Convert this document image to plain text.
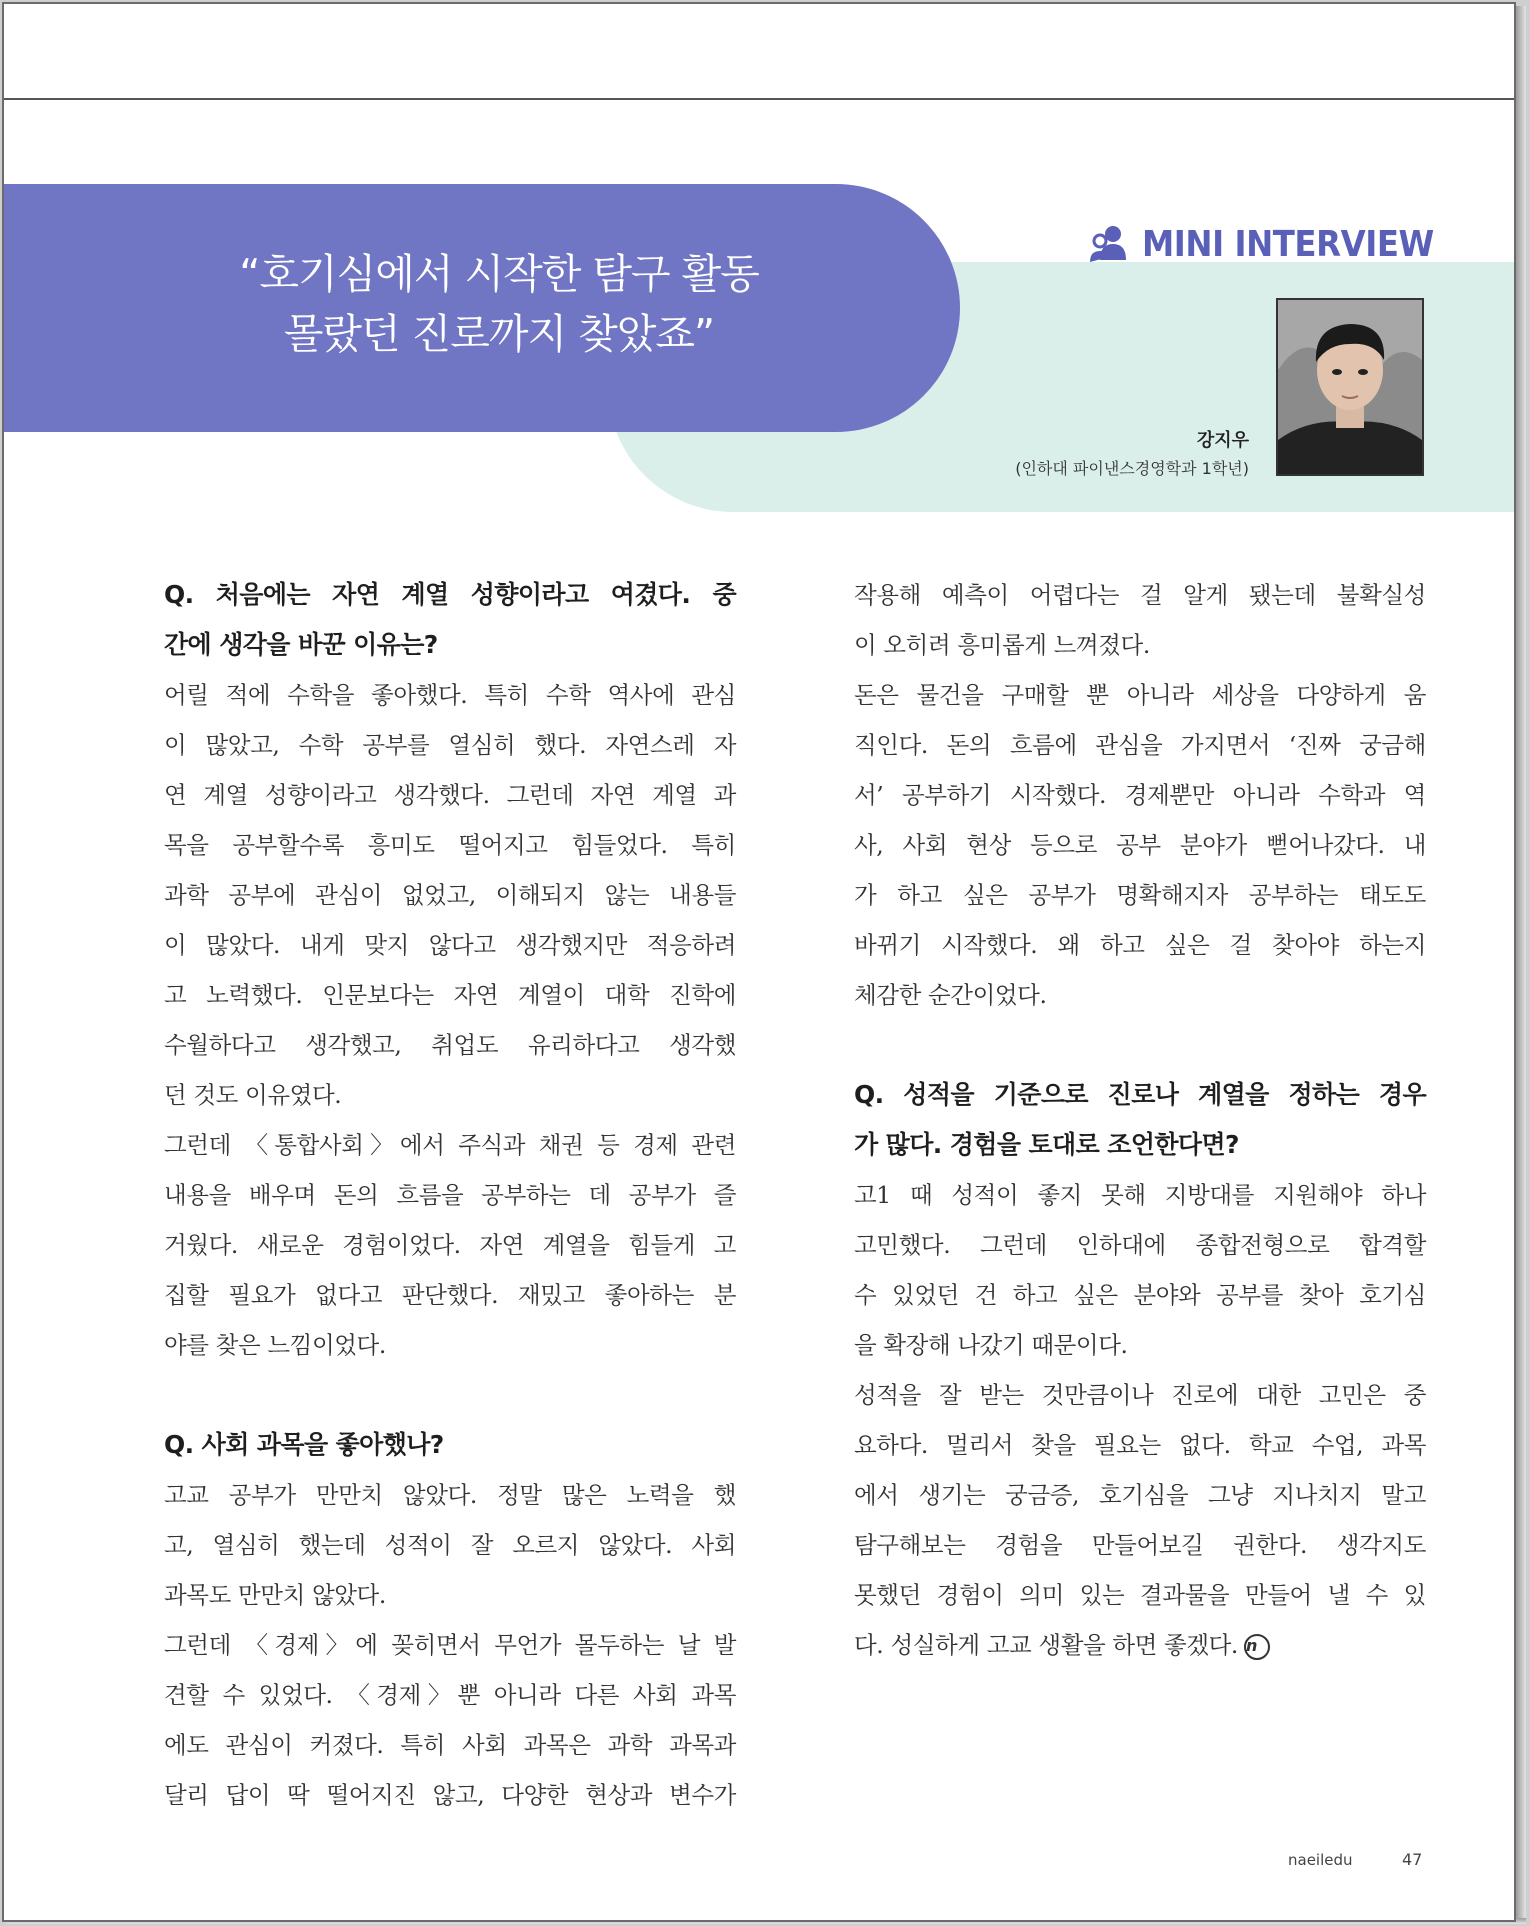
“호기심에서 시작한 탐구 활동
몰랐던 진로까지 찾았죠”
MINI INTERVIEW
강지우
(인하대 파이낸스경영학과 1학년)
Q. 처음에는 자연 계열 성향이라고 여겼다. 중
간에 생각을 바꾼 이유는?
어릴 적에 수학을 좋아했다. 특히 수학 역사에 관심
이 많았고, 수학 공부를 열심히 했다. 자연스레 자
연 계열 성향이라고 생각했다. 그런데 자연 계열 과
목을 공부할수록 흥미도 떨어지고 힘들었다. 특히
과학 공부에 관심이 없었고, 이해되지 않는 내용들
이 많았다. 내게 맞지 않다고 생각했지만 적응하려
고 노력했다. 인문보다는 자연 계열이 대학 진학에
수월하다고 생각했고, 취업도 유리하다고 생각했
던 것도 이유였다.
그런데 〈통합사회〉에서 주식과 채권 등 경제 관련
내용을 배우며 돈의 흐름을 공부하는 데 공부가 즐
거웠다. 새로운 경험이었다. 자연 계열을 힘들게 고
집할 필요가 없다고 판단했다. 재밌고 좋아하는 분
야를 찾은 느낌이었다.
Q. 사회 과목을 좋아했나?
고교 공부가 만만치 않았다. 정말 많은 노력을 했
고, 열심히 했는데 성적이 잘 오르지 않았다. 사회
과목도 만만치 않았다.
그런데 〈경제〉에 꽂히면서 무언가 몰두하는 날 발
견할 수 있었다. 〈경제〉뿐 아니라 다른 사회 과목
에도 관심이 커졌다. 특히 사회 과목은 과학 과목과
달리 답이 딱 떨어지진 않고, 다양한 현상과 변수가
작용해 예측이 어렵다는 걸 알게 됐는데 불확실성
이 오히려 흥미롭게 느껴졌다.
돈은 물건을 구매할 뿐 아니라 세상을 다양하게 움
직인다. 돈의 흐름에 관심을 가지면서 ‘진짜 궁금해
서’ 공부하기 시작했다. 경제뿐만 아니라 수학과 역
사, 사회 현상 등으로 공부 분야가 뻗어나갔다. 내
가 하고 싶은 공부가 명확해지자 공부하는 태도도
바뀌기 시작했다. 왜 하고 싶은 걸 찾아야 하는지
체감한 순간이었다.
Q. 성적을 기준으로 진로나 계열을 정하는 경우
가 많다. 경험을 토대로 조언한다면?
고1 때 성적이 좋지 못해 지방대를 지원해야 하나
고민했다. 그런데 인하대에 종합전형으로 합격할
수 있었던 건 하고 싶은 분야와 공부를 찾아 호기심
을 확장해 나갔기 때문이다.
성적을 잘 받는 것만큼이나 진로에 대한 고민은 중
요하다. 멀리서 찾을 필요는 없다. 학교 수업, 과목
에서 생기는 궁금증, 호기심을 그냥 지나치지 말고
탐구해보는 경험을 만들어보길 권한다. 생각지도
못했던 경험이 의미 있는 결과물을 만들어 낼 수 있
다. 성실하게 고교 생활을 하면 좋겠다. n
naeiledu	47
